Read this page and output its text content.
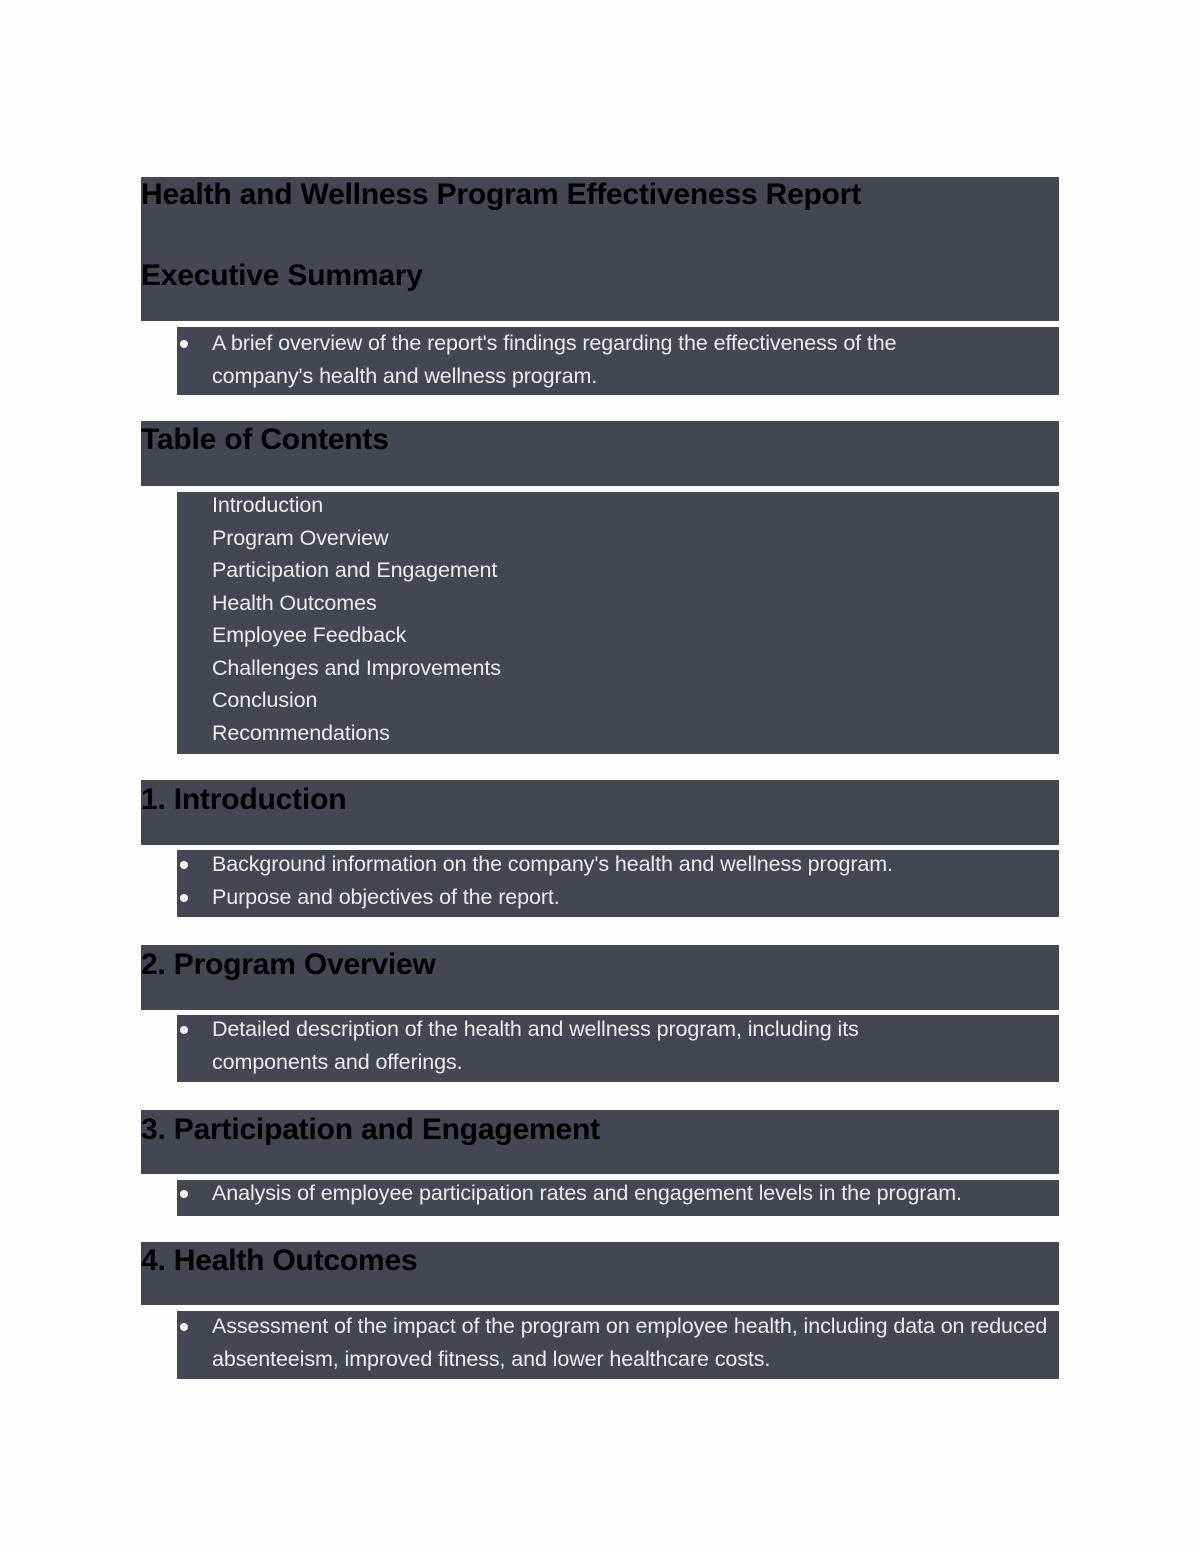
Health and Wellness Program Effectiveness Report
Executive Summary
A brief overview of the report's findings regarding the effectiveness of the company's health and wellness program.
Table of Contents
Introduction
Program Overview
Participation and Engagement
Health Outcomes
Employee Feedback
Challenges and Improvements
Conclusion
Recommendations
1. Introduction
Background information on the company's health and wellness program.
Purpose and objectives of the report.
2. Program Overview
Detailed description of the health and wellness program, including its components and offerings.
3. Participation and Engagement
Analysis of employee participation rates and engagement levels in the program.
4. Health Outcomes
Assessment of the impact of the program on employee health, including data on reduced absenteeism, improved fitness, and lower healthcare costs.
